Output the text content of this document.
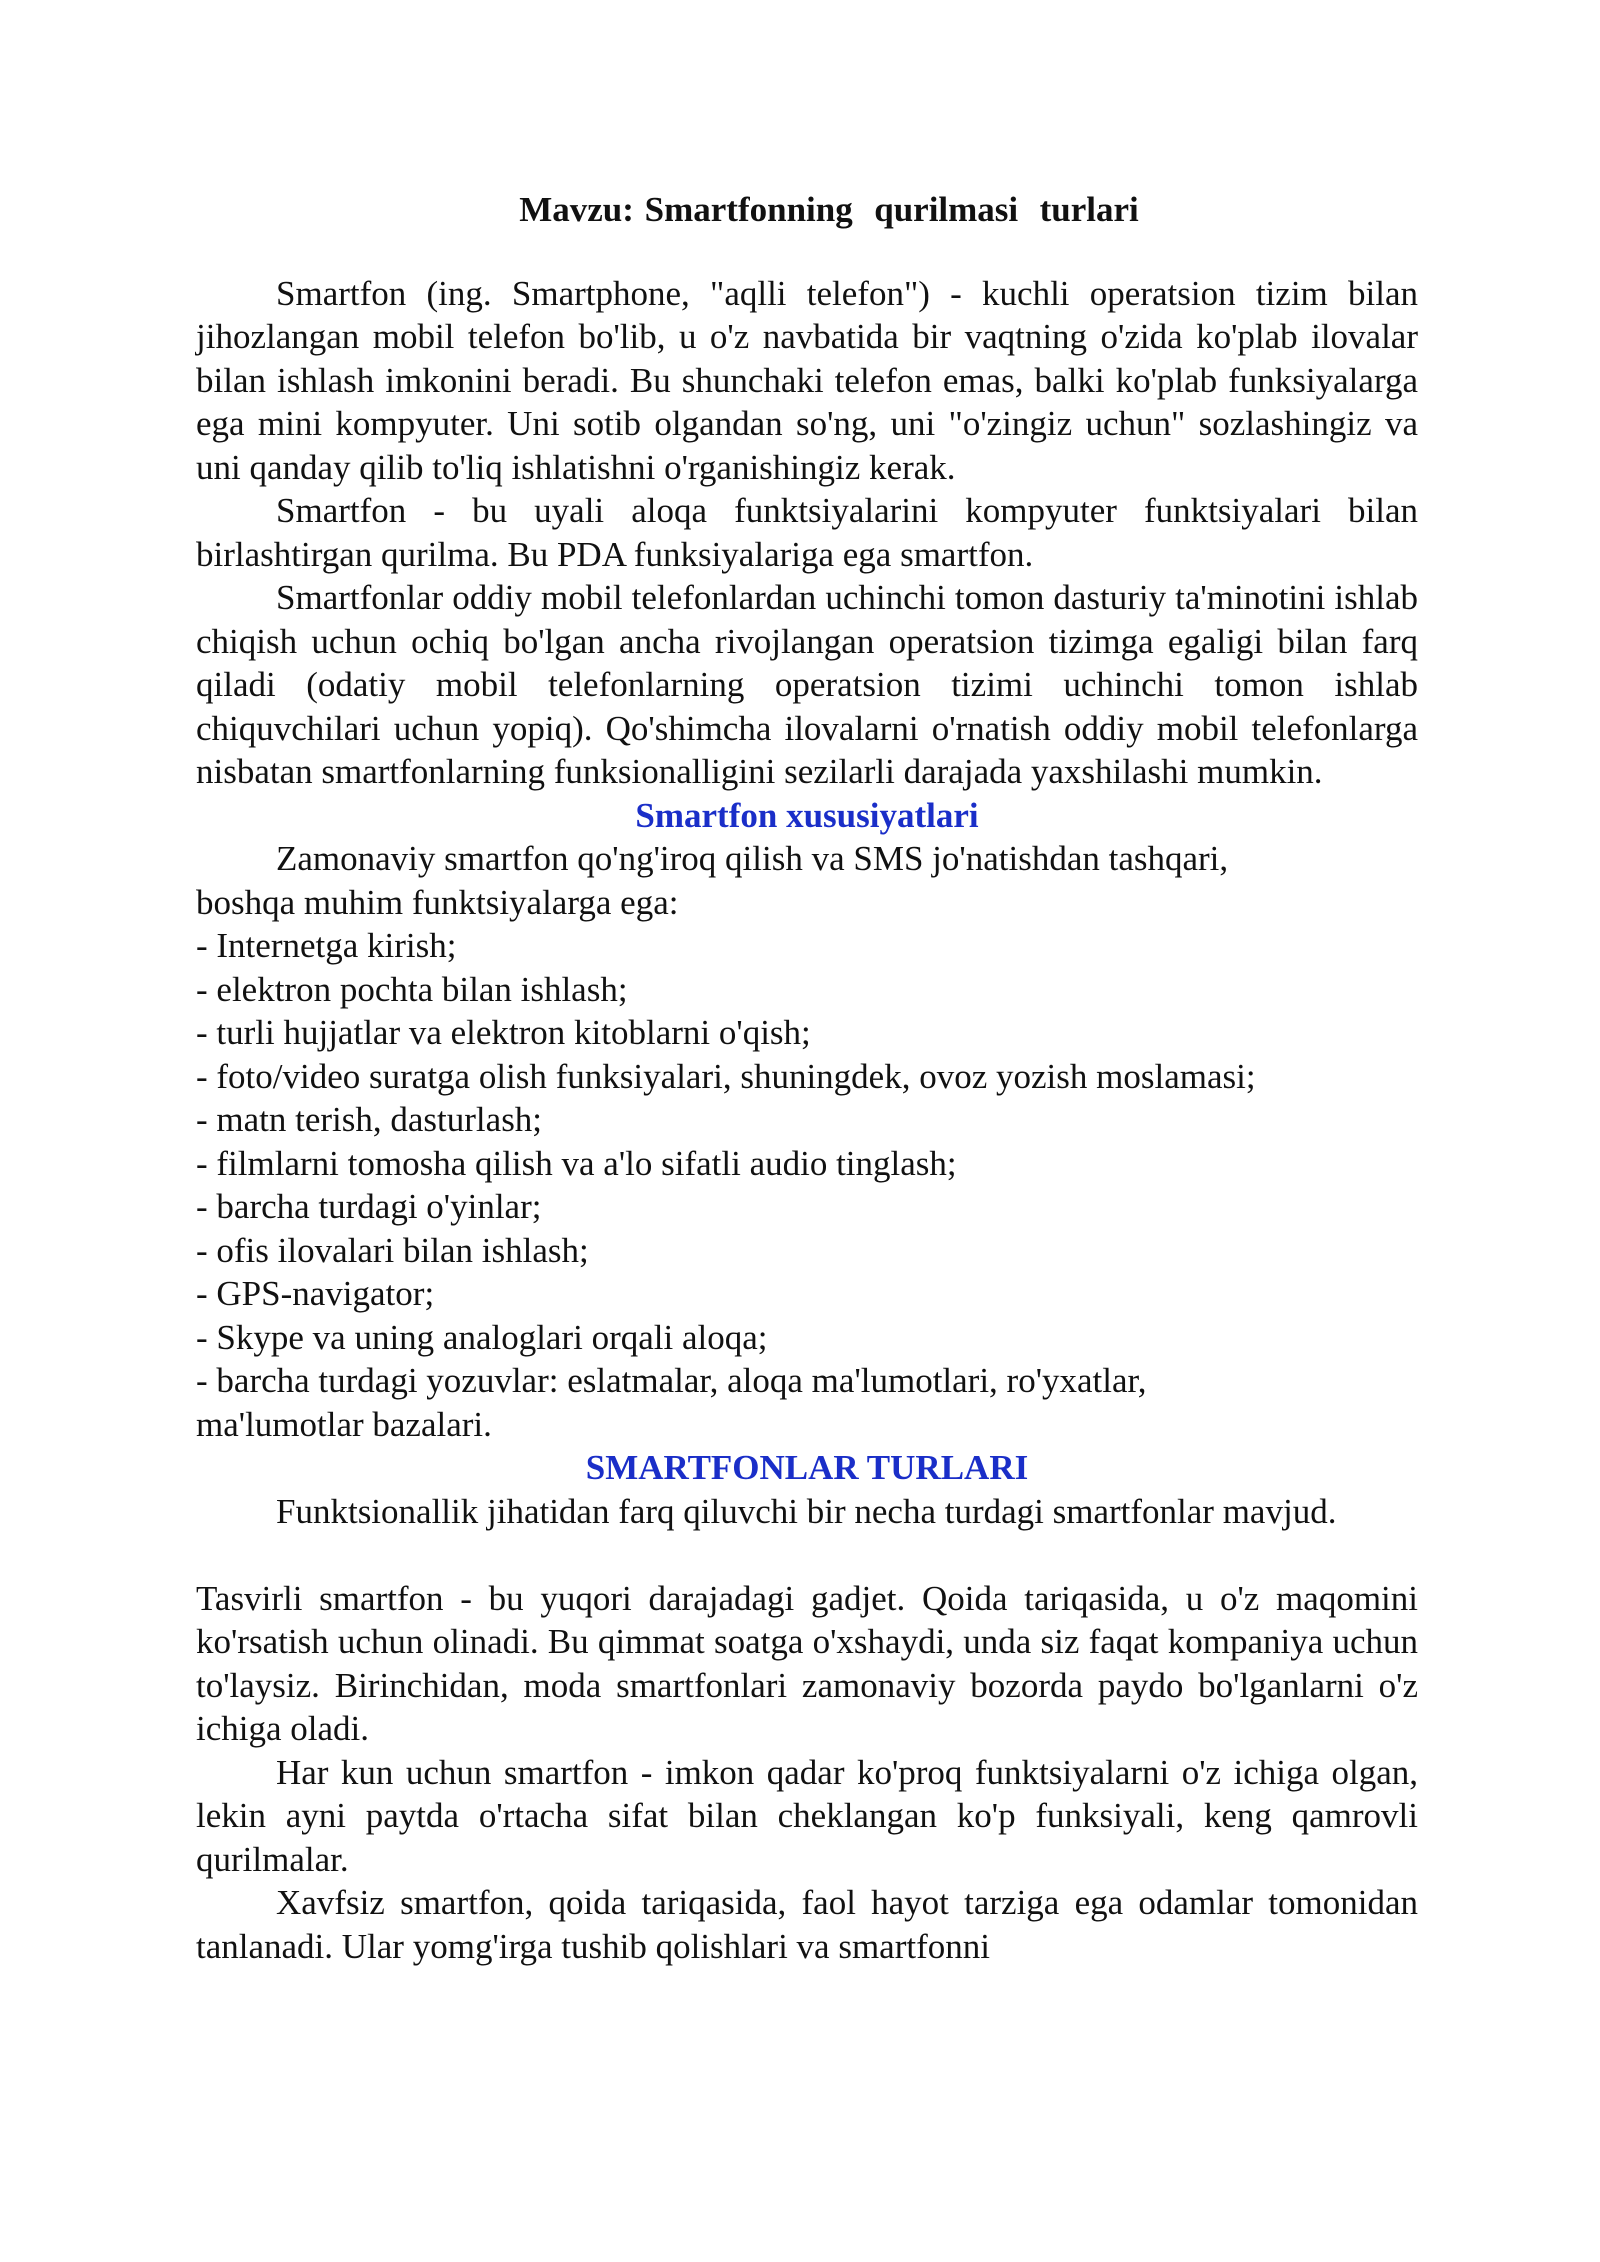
Mavzu: Smartfonning  qurilmasi  turlari

Smartfon (ing. Smartphone, "aqlli telefon") - kuchli operatsion tizim bilan jihozlangan mobil telefon bo'lib, u o'z navbatida bir vaqtning o'zida ko'plab ilovalar bilan ishlash imkonini beradi. Bu shunchaki telefon emas, balki ko'plab funksiyalarga ega mini kompyuter. Uni sotib olgandan so'ng, uni "o'zingiz uchun" sozlashingiz va uni qanday qilib to'liq ishlatishni o'rganishingiz kerak.

Smartfon - bu uyali aloqa funktsiyalarini kompyuter funktsiyalari bilan birlashtirgan qurilma. Bu PDA funksiyalariga ega smartfon.

Smartfonlar oddiy mobil telefonlardan uchinchi tomon dasturiy ta'minotini ishlab chiqish uchun ochiq bo'lgan ancha rivojlangan operatsion tizimga egaligi bilan farq qiladi (odatiy mobil telefonlarning operatsion tizimi uchinchi tomon ishlab chiquvchilari uchun yopiq). Qo'shimcha ilovalarni o'rnatish oddiy mobil telefonlarga nisbatan smartfonlarning funksionalligini sezilarli darajada yaxshilashi mumkin.

Smartfon xususiyatlari
Zamonaviy smartfon qo'ng'iroq qilish va SMS jo'natishdan tashqari,
boshqa muhim funktsiyalarga ega:
- Internetga kirish;
- elektron pochta bilan ishlash;
- turli hujjatlar va elektron kitoblarni o'qish;
- foto/video suratga olish funksiyalari, shuningdek, ovoz yozish moslamasi;
- matn terish, dasturlash;
- filmlarni tomosha qilish va a'lo sifatli audio tinglash;
- barcha turdagi o'yinlar;
- ofis ilovalari bilan ishlash;
- GPS-navigator;
- Skype va uning analoglari orqali aloqa;
- barcha turdagi yozuvlar: eslatmalar, aloqa ma'lumotlari, ro'yxatlar,
ma'lumotlar bazalari.
SMARTFONLAR TURLARI

Funktsionallik jihatidan farq qiluvchi bir necha turdagi smartfonlar mavjud.

Tasvirli smartfon - bu yuqori darajadagi gadjet. Qoida tariqasida, u o'z maqomini ko'rsatish uchun olinadi. Bu qimmat soatga o'xshaydi, unda siz faqat kompaniya uchun to'laysiz. Birinchidan, moda smartfonlari zamonaviy bozorda paydo bo'lganlarni o'z ichiga oladi.

Har kun uchun smartfon - imkon qadar ko'proq funktsiyalarni o'z ichiga olgan, lekin ayni paytda o'rtacha sifat bilan cheklangan ko'p funksiyali, keng qamrovli qurilmalar.

Xavfsiz smartfon, qoida tariqasida, faol hayot tarziga ega odamlar tomonidan tanlanadi. Ular yomg'irga tushib qolishlari va smartfonni
